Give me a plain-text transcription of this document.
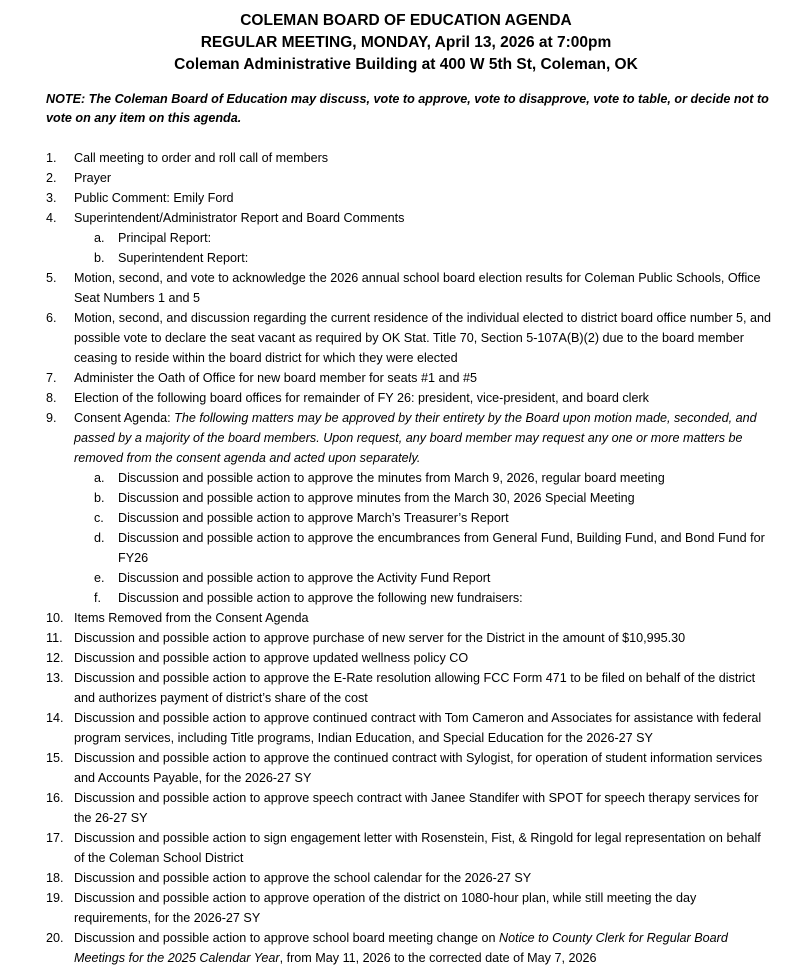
COLEMAN BOARD OF EDUCATION AGENDA
REGULAR MEETING, MONDAY, April 13, 2026 at 7:00pm
Coleman Administrative Building at 400 W 5th St, Coleman, OK
NOTE: The Coleman Board of Education may discuss, vote to approve, vote to disapprove, vote to table, or decide not to vote on any item on this agenda.
1. Call meeting to order and roll call of members
2. Prayer
3. Public Comment: Emily Ford
4. Superintendent/Administrator Report and Board Comments
a. Principal Report:
b. Superintendent Report:
5. Motion, second, and vote to acknowledge the 2026 annual school board election results for Coleman Public Schools, Office Seat Numbers 1 and 5
6. Motion, second, and discussion regarding the current residence of the individual elected to district board office number 5, and possible vote to declare the seat vacant as required by OK Stat. Title 70, Section 5-107A(B)(2) due to the board member ceasing to reside within the board district for which they were elected
7. Administer the Oath of Office for new board member for seats #1 and #5
8. Election of the following board offices for remainder of FY 26: president, vice-president, and board clerk
9. Consent Agenda: The following matters may be approved by their entirety by the Board upon motion made, seconded, and passed by a majority of the board members. Upon request, any board member may request any one or more matters be removed from the consent agenda and acted upon separately.
a. Discussion and possible action to approve the minutes from March 9, 2026, regular board meeting
b. Discussion and possible action to approve minutes from the March 30, 2026 Special Meeting
c. Discussion and possible action to approve March’s Treasurer’s Report
d. Discussion and possible action to approve the encumbrances from General Fund, Building Fund, and Bond Fund for FY26
e. Discussion and possible action to approve the Activity Fund Report
f. Discussion and possible action to approve the following new fundraisers:
10. Items Removed from the Consent Agenda
11. Discussion and possible action to approve purchase of new server for the District in the amount of $10,995.30
12. Discussion and possible action to approve updated wellness policy CO
13. Discussion and possible action to approve the E-Rate resolution allowing FCC Form 471 to be filed on behalf of the district and authorizes payment of district’s share of the cost
14. Discussion and possible action to approve continued contract with Tom Cameron and Associates for assistance with federal program services, including Title programs, Indian Education, and Special Education for the 2026-27 SY
15. Discussion and possible action to approve the continued contract with Sylogist, for operation of student information services and Accounts Payable, for the 2026-27 SY
16. Discussion and possible action to approve speech contract with Janee Standifer with SPOT for speech therapy services for the 26-27 SY
17. Discussion and possible action to sign engagement letter with Rosenstein, Fist, & Ringold for legal representation on behalf of the Coleman School District
18. Discussion and possible action to approve the school calendar for the 2026-27 SY
19. Discussion and possible action to approve operation of the district on 1080-hour plan, while still meeting the day requirements, for the 2026-27 SY
20. Discussion and possible action to approve school board meeting change on Notice to County Clerk for Regular Board Meetings for the 2025 Calendar Year, from May 11, 2026 to the corrected date of May 7, 2026
